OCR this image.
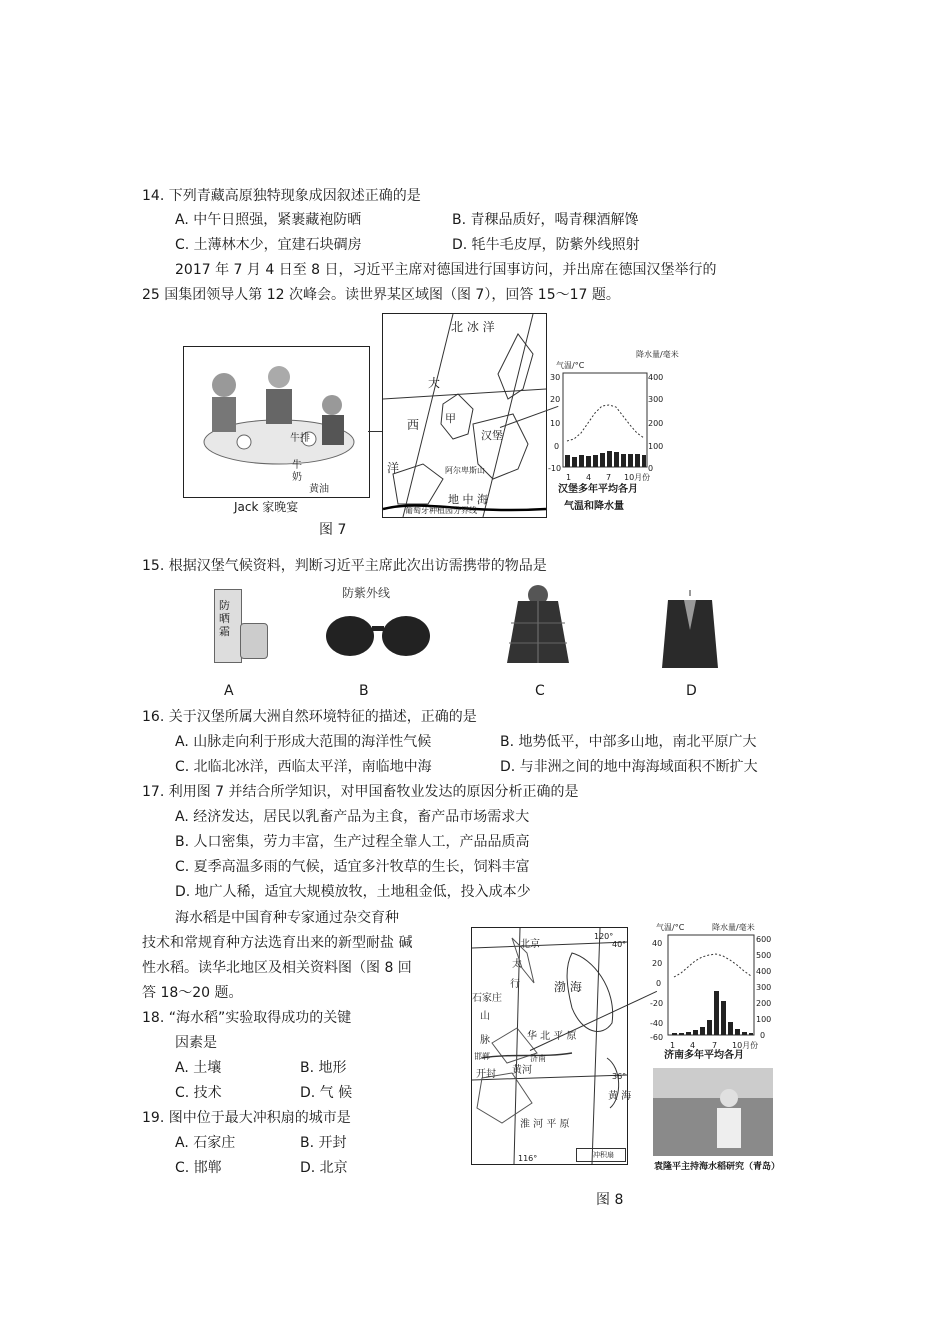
14. 下列青藏高原独特现象成因叙述正确的是
A. 中午日照强，紧裹藏袍防晒	B. 青稞品质好，喝青稞酒解馋
C. 土薄林木少，宜建石块碉房	D. 牦牛毛皮厚，防紫外线照射
2017 年 7 月 4 日至 8 日，习近平主席对德国进行国事访问，并出席在德国汉堡举行的
25 国集团领导人第 12 次峰会。读世界某区域图（图 7），回答 15～17 题。
牛排
牛
奶
黄油
Jack 家晚宴
北 冰 洋
大
西
洋
甲
汉堡
阿尔卑斯山
地 中 海
葡萄牙种植园分界线
气温/°C
降水量/毫米
30
20
10
0
-10
400
300
200
100
0
1 4 7 10月份
汉堡多年平均各月
气温和降水量
图 7
15. 根据汉堡气候资料，判断习近平主席此次出访需携带的物品是
防晒霜
防紫外线
A	B	C	D
16. 关于汉堡所属大洲自然环境特征的描述，正确的是
A. 山脉走向利于形成大范围的海洋性气候	B. 地势低平，中部多山地，南北平原广大
C. 北临北冰洋，西临太平洋，南临地中海	D. 与非洲之间的地中海海域面积不断扩大
17. 利用图 7 并结合所学知识，对甲国畜牧业发达的原因分析正确的是
A. 经济发达，居民以乳畜产品为主食，畜产品市场需求大
B. 人口密集，劳力丰富，生产过程全靠人工，产品品质高
C. 夏季高温多雨的气候，适宜多汁牧草的生长，饲料丰富
D. 地广人稀，适宜大规模放牧，土地租金低，投入成本少
海水稻是中国育种专家通过杂交育种
技术和常规育种方法选育出来的新型耐盐 碱
性水稻。读华北地区及相关资料图（图 8 回
答 18～20 题。
18. “海水稻”实验取得成功的关键
因素是
A. 土壤	B. 地形
C. 技术	D. 气 候
19. 图中位于最大冲积扇的城市是
A. 石家庄	B. 开封
C. 邯郸	D. 北京
北京
太
行
石家庄
山
脉
渤 海
华 北 平 原
济南
邯郸
开封 黄河
黄 海
淮 河 平 原
120°
40°
36°
116°	冲积扇
气温/°C	降水量/毫米
40
20
0
-20
-40
-60
600
500
400
300
200
100
0
1 4 7 10月份
济南多年平均各月
袁隆平主持海水稻研究（青岛）
图 8
